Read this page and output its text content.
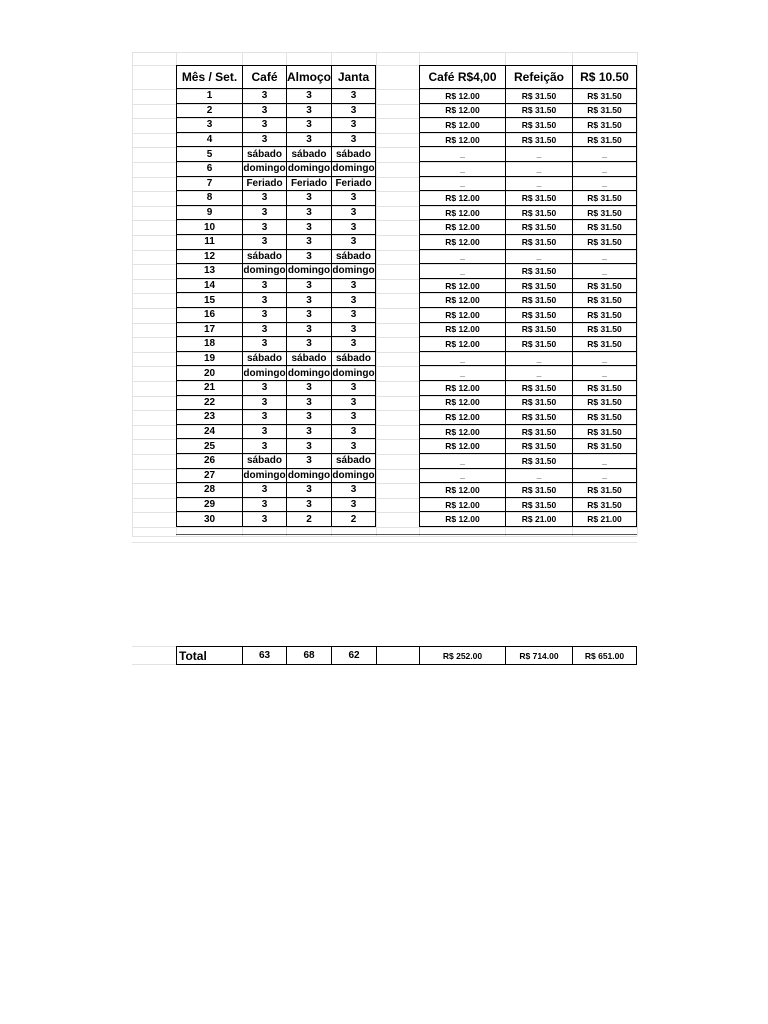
Mês / Set.	Café Almoço Janta	Café R$4,00	Refeição	R$ 10.50
1	3	3	3	R$ 12.00	R$ 31.50	R$ 31.50
2	3	3	3	R$ 12.00	R$ 31.50	R$ 31.50
3	3	3	3	R$ 12.00	R$ 31.50	R$ 31.50
4	3	3	3	R$ 12.00	R$ 31.50	R$ 31.50
5	sábado sábado sábado	_	_	_
6	domingo domingo domingo	_	_	_
7	Feriado Feriado Feriado	_	_	_
8	3	3	3	R$ 12.00	R$ 31.50	R$ 31.50
9	3	3	3	R$ 12.00	R$ 31.50	R$ 31.50
10	3	3	3	R$ 12.00	R$ 31.50	R$ 31.50
11	3	3	3	R$ 12.00	R$ 31.50	R$ 31.50
12	sábado	3	sábado	_	_	_
13	domingo domingo domingo	_	R$ 31.50	_
14	3	3	3	R$ 12.00	R$ 31.50	R$ 31.50
15	3	3	3	R$ 12.00	R$ 31.50	R$ 31.50
16	3	3	3	R$ 12.00	R$ 31.50	R$ 31.50
17	3	3	3	R$ 12.00	R$ 31.50	R$ 31.50
18	3	3	3	R$ 12.00	R$ 31.50	R$ 31.50
19	sábado sábado sábado	_	_	_
20	domingo domingo domingo	_	_	_
21	3	3	3	R$ 12.00	R$ 31.50	R$ 31.50
22	3	3	3	R$ 12.00	R$ 31.50	R$ 31.50
23	3	3	3	R$ 12.00	R$ 31.50	R$ 31.50
24	3	3	3	R$ 12.00	R$ 31.50	R$ 31.50
25	3	3	3	R$ 12.00	R$ 31.50	R$ 31.50
26	sábado	3	sábado	_	R$ 31.50	_
27	domingo domingo domingo	_	_	_
28	3	3	3	R$ 12.00	R$ 31.50	R$ 31.50
29	3	3	3	R$ 12.00	R$ 31.50	R$ 31.50
30	3	2	2	R$ 12.00	R$ 21.00	R$ 21.00
Total	63	68	62	R$ 252.00	R$ 714.00	R$ 651.00
